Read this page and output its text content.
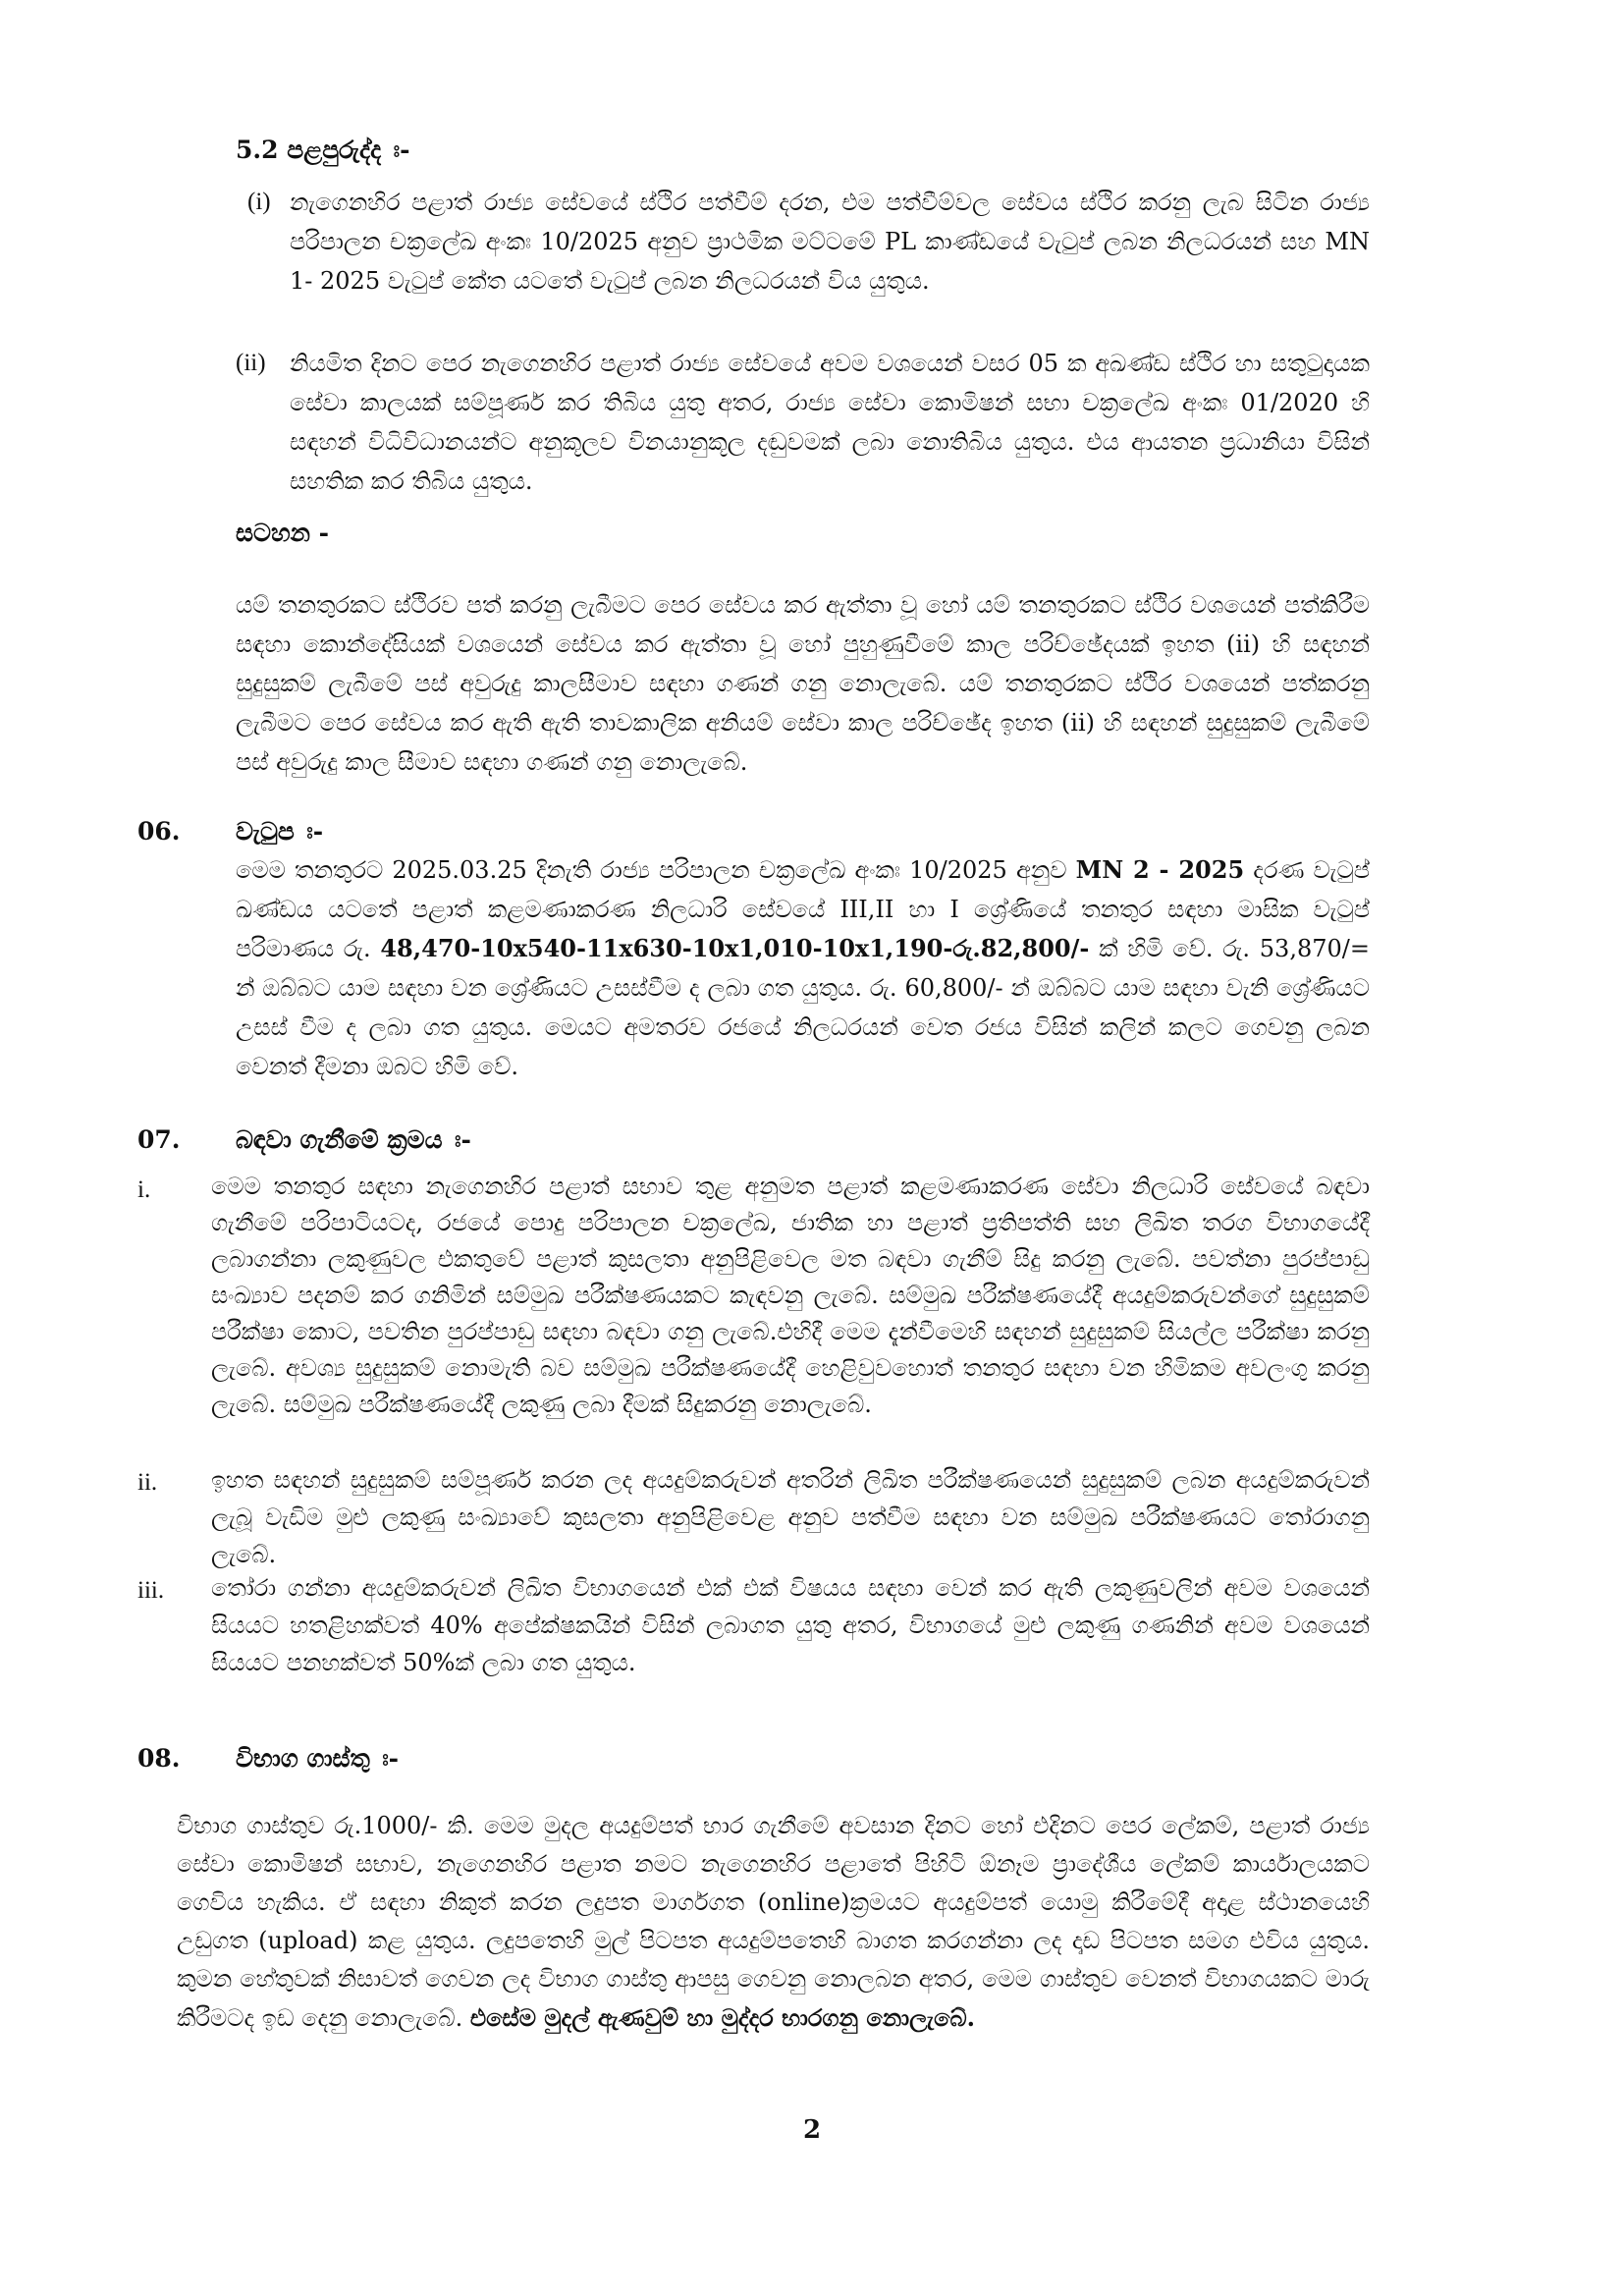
5.2 පළපුරුද්ද ඃ-
(i) නැගෙනහිර පළාත් රාජ්‍ය සේවයේ ස්ථිර පත්වීම් දරන, එම පත්වීම්වල සේවය ස්ථිර කරනු ලැබ සිටින රාජ්‍ය පරිපාලන චක්‍රලේඛ අංකඃ 10/2025 අනුව ප්‍රාථමික මට්ටමේ PL කාණ්ඩයේ වැටුප් ලබන නිලධරයන් සහ MN 1- 2025 වැටුප් කේත යටතේ වැටුප් ලබන නිලධරයන් විය යුතුය.
(ii) නියමිත දිනට පෙර නැගෙනහිර පළාත් රාජ්‍ය සේවයේ අවම වශයෙන් වසර 05 ක අඛණ්ඩ ස්ථිර හා සතුටුදායක සේවා කාලයක් සම්පූර්ණ කර තිබිය යුතු අතර, රාජ්‍ය සේවා කොමිෂන් සභා චක්‍රලේඛ අංකඃ 01/2020 හි සඳහන් විධිවිධානයන්ට අනුකූලව විනයානුකූල දඬුවමක් ලබා නොතිබිය යුතුය. එය ආයතන ප්‍රධානියා විසින් සහතික කර තිබිය යුතුය.
සටහන -
යම් තනතුරකට ස්ථිරව පත් කරනු ලැබීමට පෙර සේවය කර ඇත්තා වූ හෝ යම් තනතුරකට ස්ථිර වශයෙන් පත්කිරීම සඳහා කොන්දේසියක් වශයෙන් සේවය කර ඇත්තා වූ හෝ පුහුණුවීමේ කාල පරිච්ඡේදයක් ඉහත (ii) හි සඳහන් සුදුසුකම් ලැබීමේ පස් අවුරුදු කාලසීමාව සඳහා ගණන් ගනු නොලැබේ. යම් තනතුරකට ස්ථිර වශයෙන් පත්කරනු ලැබීමට පෙර සේවය කර ඇති ඇති තාවකාලික අනියම් සේවා කාල පරිච්ඡේද ඉහත (ii) හි සඳහන් සුදුසුකම් ලැබීමේ පස් අවුරුදු කාල සීමාව සඳහා ගණන් ගනු නොලැබේ.
06. වැටුප ඃ-
මෙම තනතුරට 2025.03.25 දිනැති රාජ්‍ය පරිපාලන චක්‍රලේඛ අංකඃ 10/2025 අනුව MN 2 - 2025 දරණ වැටුප් ඛණ්ඩය යටතේ පළාත් කළමණාකරණ නිලධාරි සේවයේ III,II හා I ශ්‍රේණියේ තනතුර සඳහා මාසික වැටුප් පරිමාණය රු. 48,470-10x540-11x630-10x1,010-10x1,190-රු.82,800/- ක් හිමි වේ. රු. 53,870/= න් ඔබ්බට යාම සඳහා වන ශ්‍රේණියට උසස්වීම ද ලබා ගත යුතුය. රු. 60,800/- න් ඔබ්බට යාම සඳහා වැනි ශ්‍රේණියට උසස් වීම ද ලබා ගත යුතුය. මෙයට අමතරව රජයේ නිලධරයන් වෙත රජය විසින් කලින් කලට ගෙවනු ලබන වෙනත් දීමනා ඔබට හිමි වේ.
07. බඳවා ගැනීමේ ක්‍රමය ඃ-
i.	මෙම තනතුර සඳහා නැගෙනහිර පළාත් සභාව තුළ අනුමත පළාත් කළමණාකරණ සේවා නිලධාරි සේවයේ බඳවා ගැනීමේ පරිපාටියටද, රජයේ පොදු පරිපාලන චක්‍රලේඛ, ජාතික හා පළාත් ප්‍රතිපත්ති සහ ලිඛිත තරග විභාගයේදී ලබාගන්නා ලකුණුවල එකතුවේ පළාත් කුසලතා අනුපිළිවෙල මත බඳවා ගැනීම් සිදු කරනු ලැබේ. පවත්නා පුරප්පාඩු සංඛ්‍යාව පදනම් කර ගනිමින් සම්මුඛ පරීක්ෂණයකට කැඳවනු ලැබේ. සම්මුඛ පරීක්ෂණයේදී අයදුම්කරුවන්ගේ සුදුසුකම් පරීක්ෂා කොට, පවතින පුරප්පාඩු සඳහා බඳවා ගනු ලැබේ.එහිදී මෙම දැන්වීමෙහි සඳහන් සුදුසුකම් සියල්ල පරීක්ෂා කරනු ලැබේ. අවශ්‍ය සුදුසුකම් නොමැති බව සම්මුඛ පරීක්ෂණයේදී හෙළිවුවහොත් තනතුර සඳහා වන හිමිකම අවලංගු කරනු ලැබේ. සම්මුඛ පරීක්ෂණයේදී ලකුණු ලබා දීමක් සිදුකරනු නොලැබේ.
ii. ඉහත සඳහන් සුදුසුකම් සම්පූර්ණ කරන ලද අයදුම්කරුවන් අතරින් ලිඛිත පරීක්ෂණයෙන් සුදුසුකම් ලබන අයදුම්කරුවන් ලැබූ වැඩිම මුළු ලකුණු සංඛ්‍යාවේ කුසලතා අනුපිළිවෙළ අනුව පත්වීම සඳහා වන සම්මුඛ පරීක්ෂණයට තෝරාගනු ලැබේ.
iii. තෝරා ගන්නා අයදුම්කරුවන් ලිඛිත විභාගයෙන් එක් එක් විෂයය සඳහා වෙන් කර ඇති ලකුණුවලින් අවම වශයෙන් සියයට හතළිහක්වත් 40% අපේක්ෂකයින් විසින් ලබාගත යුතු අතර, විභාගයේ මුළු ලකුණු ගණනින් අවම වශයෙන් සියයට පනහක්වත් 50%ක් ලබා ගත යුතුය.
08. විභාග ගාස්තු ඃ-
විභාග ගාස්තුව රු.1000/- කි. මෙම මුදල අයදුම්පත් භාර ගැනීමේ අවසාන දිනට හෝ එදිනට පෙර ලේකම්, පළාත් රාජ්‍ය සේවා කොමිෂන් සභාව, නැගෙනහිර පළාත නමට නැගෙනහිර පළාතේ පිහිටි ඕනෑම ප්‍රාදේශීය ලේකම් කාර්යාලයකට ගෙවිය හැකිය. ඒ සඳහා නිකුත් කරන ලදුපත මාර්ගගත (online)ක්‍රමයට අයදුම්පත් යොමු කිරීමේදී අදාළ ස්ථානයෙහි උඩුගත (upload) කළ යුතුය. ලදුපතෙහි මුල් පිටපත අයදුම්පතෙහි බාගත කරගන්නා ලද දෘඩ පිටපත සමග එවිය යුතුය. කුමන හේතුවක් නිසාවත් ගෙවන ලද විභාග ගාස්තු ආපසු ගෙවනු නොලබන අතර, මෙම ගාස්තුව වෙනත් විභාගයකට මාරු කිරීමටද ඉඩ දෙනු නොලැබේ. එසේම මුදල් ඇණවුම් හා මුද්දර භාරගනු නොලැබේ.
2
